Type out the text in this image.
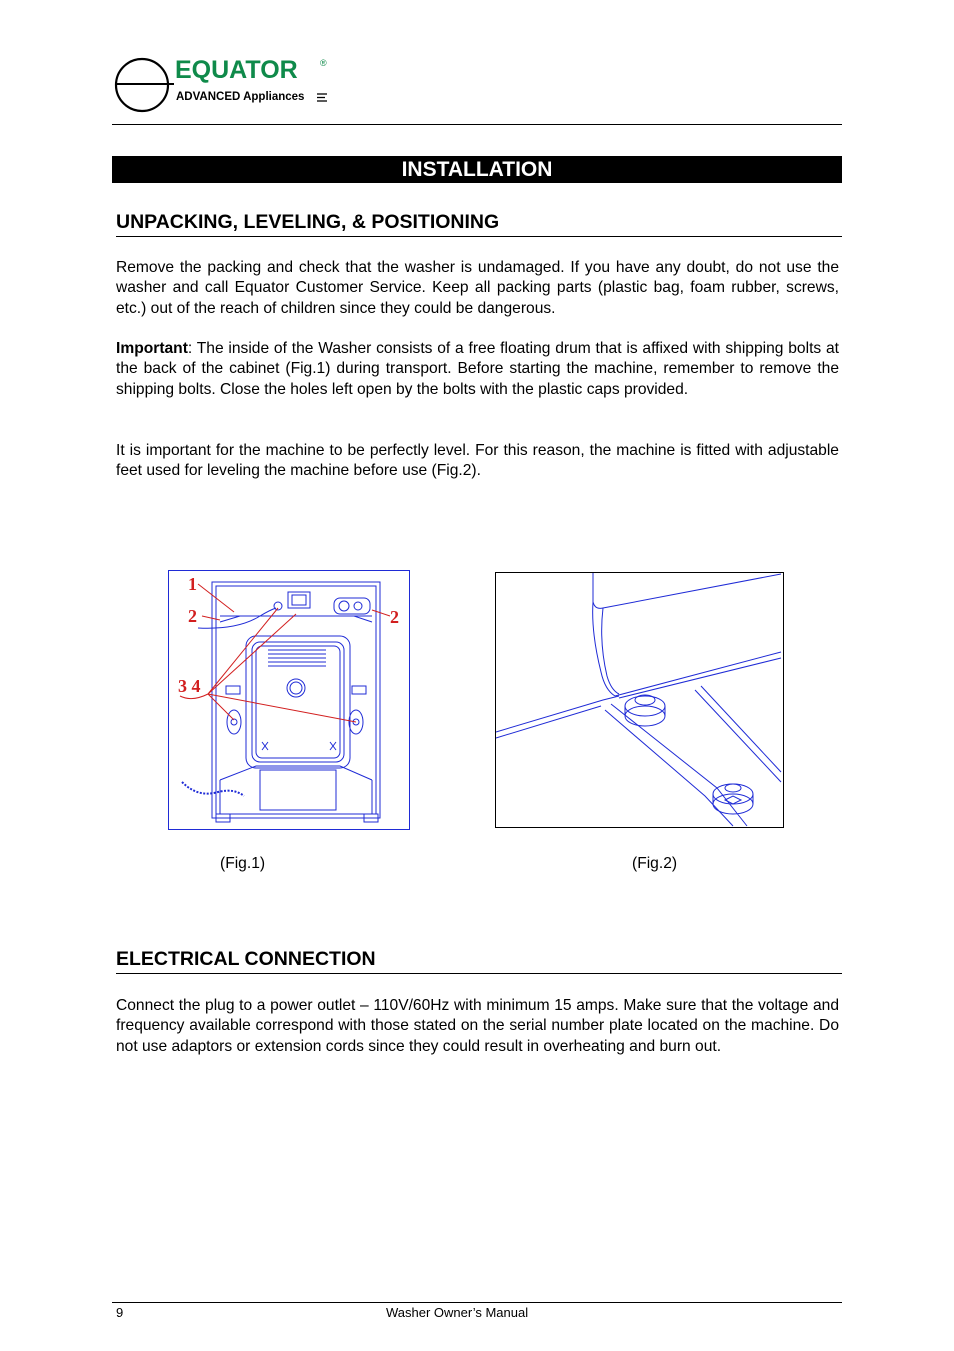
EQUATOR ®
ADVANCED Appliances
INSTALLATION
UNPACKING, LEVELING, & POSITIONING
Remove the packing and check that the washer is undamaged. If you have any doubt, do not use the washer and call Equator Customer Service. Keep all packing parts (plastic bag, foam rubber, screws, etc.) out of the reach of children since they could be dangerous.
Important: The inside of the Washer consists of a free floating drum that is affixed with shipping bolts at the back of the cabinet (Fig.1) during transport. Before starting the machine, remember to remove the shipping bolts. Close the holes left open by the bolts with the plastic caps provided.
It is important for the machine to be perfectly level. For this reason, the machine is fitted with adjustable feet used for leveling the machine before use (Fig.2).
1
2	2
3 4
(Fig.1)	(Fig.2)
ELECTRICAL CONNECTION
Connect the plug to a power outlet – 110V/60Hz with minimum 15 amps. Make sure that the voltage and frequency available correspond with those stated on the serial number plate located on the machine. Do not use adaptors or extension cords since they could result in overheating and burn out.
9	Washer Owner’s Manual
